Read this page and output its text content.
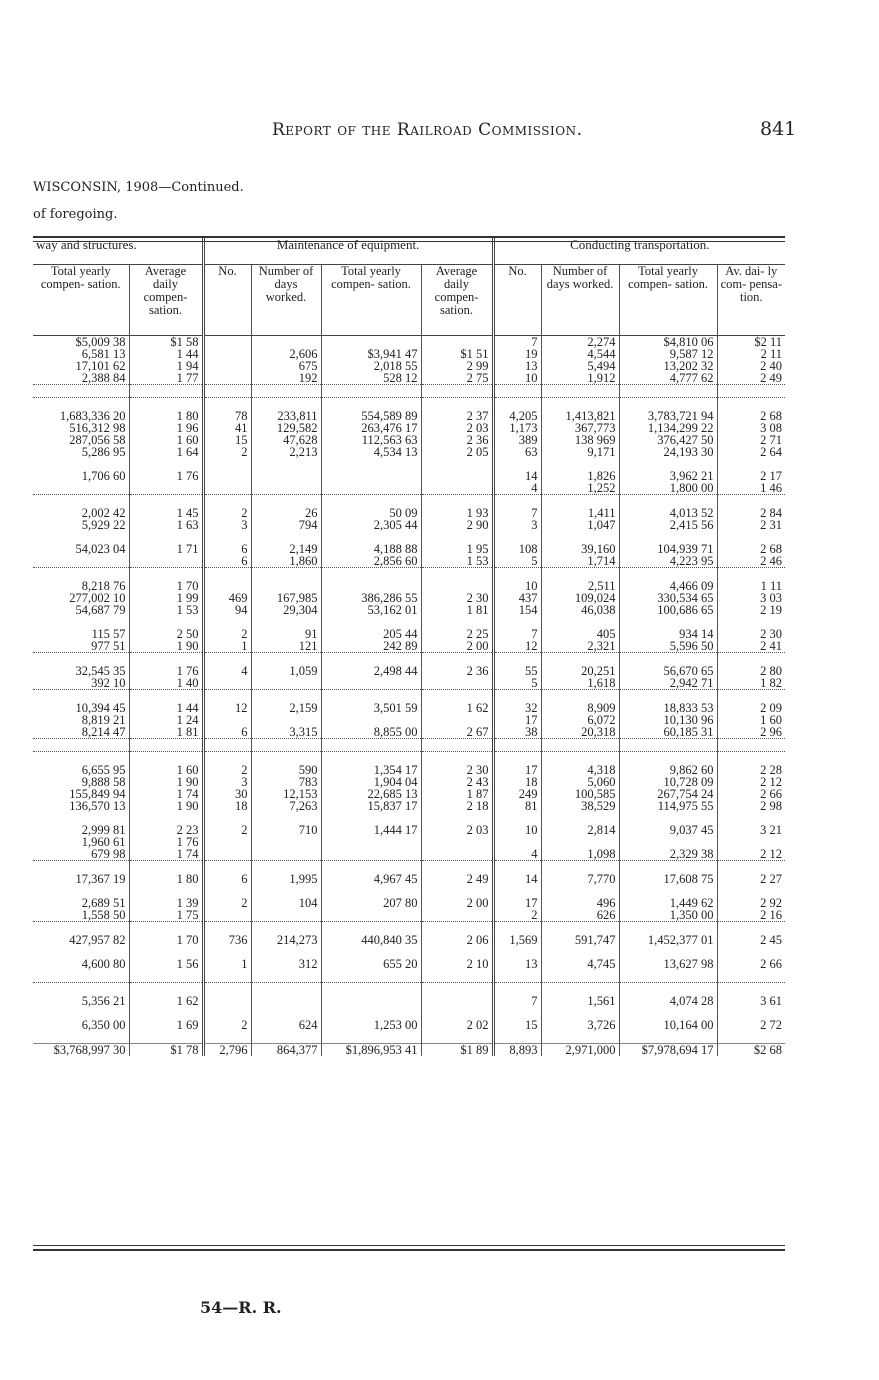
Report of the Railroad Commission.	841
WISCONSIN, 1908—Continued.
of foregoing.
way and structures.		Maintenance of equipment.				Conducting transportation.			
Total yearly compen- sation.	Average daily compen- sation.	No.	Number of days worked.	Total yearly compen- sation.	Average daily compen- sation.	No.	Number of days worked.	Total yearly compen- sation.	Av. dai- ly com- pensa- tion.
$5,009 38	$1 58					7	2,274	$4,810 06	$2 11
6,581 13	1 44		2,606	$3,941 47	$1 51	19	4,544	9,587 12	2 11
17,101 62	1 94		675	2,018 55	2 99	13	5,494	13,202 32	2 40
2,388 84	1 77		192	528 12	2 75	10	1,912	4,777 62	2 49

1,683,336 20	1 80	78	233,811	554,589 89	2 37	4,205	1,413,821	3,783,721 94	2 68
516,312 98	1 96	41	129,582	263,476 17	2 03	1,173	367,773	1,134,299 22	3 08
287,056 58	1 60	15	47,628	112,563 63	2 36	389	138 969	376,427 50	2 71
5,286 95	1 64	2	2,213	4,534 13	2 05	63	9,171	24,193 30	2 64

1,706 60	1 76					14	1,826	3,962 21	2 17
						4	1,252	1,800 00	1 46

2,002 42	1 45	2	26	50 09	1 93	7	1,411	4,013 52	2 84
5,929 22	1 63	3	794	2,305 44	2 90	3	1,047	2,415 56	2 31

54,023 04	1 71	6	2,149	4,188 88	1 95	108	39,160	104,939 71	2 68
		6	1,860	2,856 60	1 53	5	1,714	4,223 95	2 46

8,218 76	1 70					10	2,511	4,466 09	1 11
277,002 10	1 99	469	167,985	386,286 55	2 30	437	109,024	330,534 65	3 03
54,687 79	1 53	94	29,304	53,162 01	1 81	154	46,038	100,686 65	2 19

115 57	2 50	2	91	205 44	2 25	7	405	934 14	2 30
977 51	1 90	1	121	242 89	2 00	12	2,321	5,596 50	2 41

32,545 35	1 76	4	1,059	2,498 44	2 36	55	20,251	56,670 65	2 80
392 10	1 40					5	1,618	2,942 71	1 82

10,394 45	1 44	12	2,159	3,501 59	1 62	32	8,909	18,833 53	2 09
8,819 21	1 24					17	6,072	10,130 96	1 60
8,214 47	1 81	6	3,315	8,855 00	2 67	38	20,318	60,185 31	2 96

6,655 95	1 60	2	590	1,354 17	2 30	17	4,318	9,862 60	2 28
9,888 58	1 90	3	783	1,904 04	2 43	18	5,060	10,728 09	2 12
155,849 94	1 74	30	12,153	22,685 13	1 87	249	100,585	267,754 24	2 66
136,570 13	1 90	18	7,263	15,837 17	2 18	81	38,529	114,975 55	2 98

2,999 81	2 23	2	710	1,444 17	2 03	10	2,814	9,037 45	3 21
1,960 61	1 76								
679 98	1 74					4	1,098	2,329 38	2 12

17,367 19	1 80	6	1,995	4,967 45	2 49	14	7,770	17,608 75	2 27

2,689 51	1 39	2	104	207 80	2 00	17	496	1,449 62	2 92
1,558 50	1 75					2	626	1,350 00	2 16

427,957 82	1 70	736	214,273	440,840 35	2 06	1,569	591,747	1,452,377 01	2 45

4,600 80	1 56	1	312	655 20	2 10	13	4,745	13,627 98	2 66

5,356 21	1 62					7	1,561	4,074 28	3 61

6,350 00	1 69	2	624	1,253 00	2 02	15	3,726	10,164 00	2 72

$3,768,997 30	$1 78	2,796	864,377	$1,896,953 41	$1 89	8,893	2,971,000	$7,978,694 17	$2 68
54—R. R.
